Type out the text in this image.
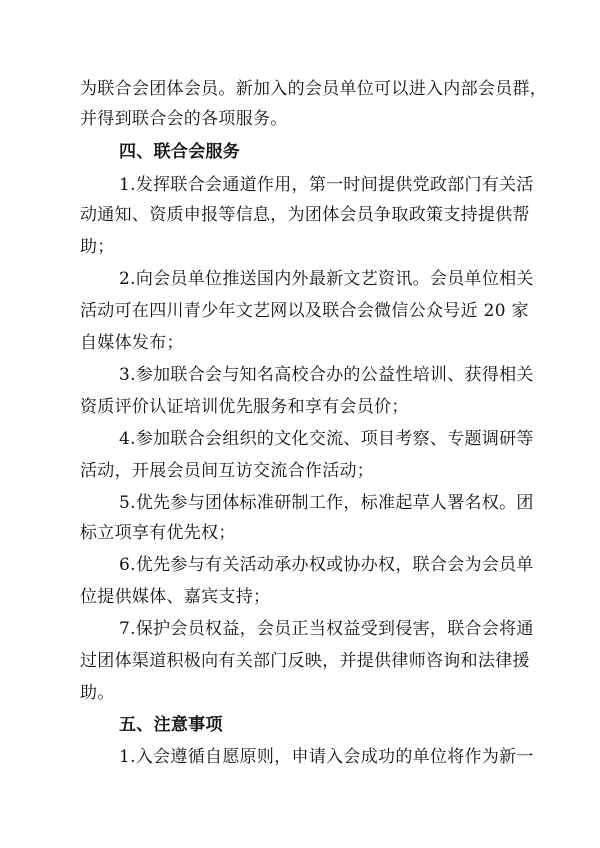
为联合会团体会员。新加入的会员单位可以进入内部会员群，
并得到联合会的各项服务。
四、联合会服务
1.发挥联合会通道作用，第一时间提供党政部门有关活
动通知、资质申报等信息，为团体会员争取政策支持提供帮
助；
2.向会员单位推送国内外最新文艺资讯。会员单位相关
活动可在四川青少年文艺网以及联合会微信公众号近 20 家
自媒体发布；
3.参加联合会与知名高校合办的公益性培训、获得相关
资质评价认证培训优先服务和享有会员价；
4.参加联合会组织的文化交流、项目考察、专题调研等
活动，开展会员间互访交流合作活动；
5.优先参与团体标准研制工作，标准起草人署名权。团
标立项享有优先权；
6.优先参与有关活动承办权或协办权，联合会为会员单
位提供媒体、嘉宾支持；
7.保护会员权益，会员正当权益受到侵害，联合会将通
过团体渠道积极向有关部门反映，并提供律师咨询和法律援
助。
五、注意事项
1.入会遵循自愿原则，申请入会成功的单位将作为新一
